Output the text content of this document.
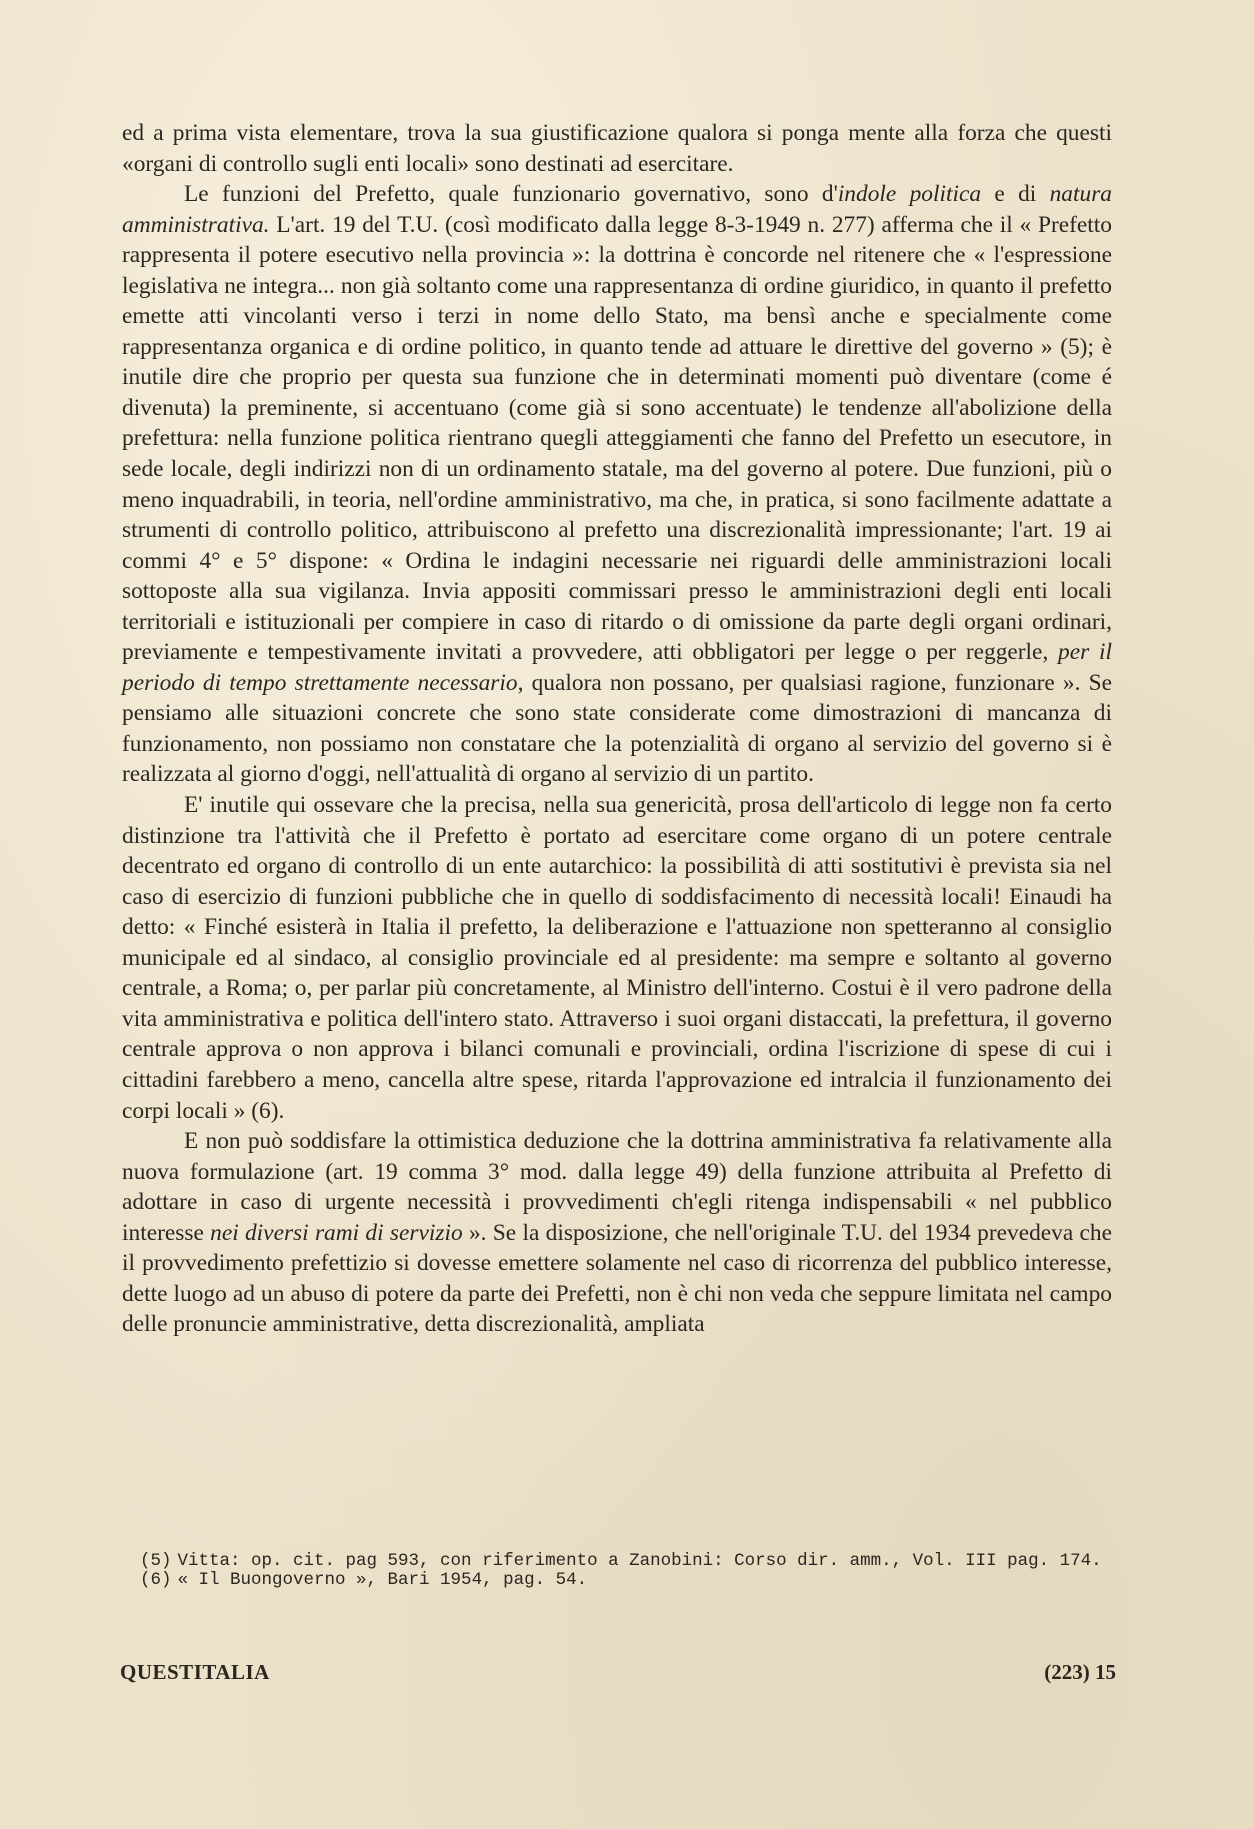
ed a prima vista elementare, trova la sua giustificazione qualora si ponga mente alla forza che questi «organi di controllo sugli enti locali» sono destinati ad esercitare.

Le funzioni del Prefetto, quale funzionario governativo, sono d'indole politica e di natura amministrativa. L'art. 19 del T.U. (così modificato dalla legge 8-3-1949 n. 277) afferma che il « Prefetto rappresenta il potere esecutivo nella provincia »: la dottrina è concorde nel ritenere che « l'espressione legislativa ne integra... non già soltanto come una rappresentanza di ordine giuridico, in quanto il prefetto emette atti vincolanti verso i terzi in nome dello Stato, ma bensì anche e specialmente come rappresentanza organica e di ordine politico, in quanto tende ad attuare le direttive del governo » (5); è inutile dire che proprio per questa sua funzione che in determinati momenti può diventare (come é divenuta) la preminente, si accentuano (come già si sono accentuate) le tendenze all'abolizione della prefettura: nella funzione politica rientrano quegli atteggiamenti che fanno del Prefetto un esecutore, in sede locale, degli indirizzi non di un ordinamento statale, ma del governo al potere. Due funzioni, più o meno inquadrabili, in teoria, nell'ordine amministrativo, ma che, in pratica, si sono facilmente adattate a strumenti di controllo politico, attribuiscono al prefetto una discrezionalità impressionante; l'art. 19 ai commi 4° e 5° dispone: « Ordina le indagini necessarie nei riguardi delle amministrazioni locali sottoposte alla sua vigilanza. Invia appositi commissari presso le amministrazioni degli enti locali territoriali e istituzionali per compiere in caso di ritardo o di omissione da parte degli organi ordinari, previamente e tempestivamente invitati a provvedere, atti obbligatori per legge o per reggerle, per il periodo di tempo strettamente necessario, qualora non possano, per qualsiasi ragione, funzionare ». Se pensiamo alle situazioni concrete che sono state considerate come dimostrazioni di mancanza di funzionamento, non possiamo non constatare che la potenzialità di organo al servizio del governo si è realizzata al giorno d'oggi, nell'attualità di organo al servizio di un partito.

E' inutile qui ossevare che la precisa, nella sua genericità, prosa dell'articolo di legge non fa certo distinzione tra l'attività che il Prefetto è portato ad esercitare come organo di un potere centrale decentrato ed organo di controllo di un ente autarchico: la possibilità di atti sostitutivi è prevista sia nel caso di esercizio di funzioni pubbliche che in quello di soddisfacimento di necessità locali! Einaudi ha detto: « Finché esisterà in Italia il prefetto, la deliberazione e l'attuazione non spetteranno al consiglio municipale ed al sindaco, al consiglio provinciale ed al presidente: ma sempre e soltanto al governo centrale, a Roma; o, per parlar più concretamente, al Ministro dell'interno. Costui è il vero padrone della vita amministrativa e politica dell'intero stato. Attraverso i suoi organi distaccati, la prefettura, il governo centrale approva o non approva i bilanci comunali e provinciali, ordina l'iscrizione di spese di cui i cittadini farebbero a meno, cancella altre spese, ritarda l'approvazione ed intralcia il funzionamento dei corpi locali » (6).

E non può soddisfare la ottimistica deduzione che la dottrina amministrativa fa relativamente alla nuova formulazione (art. 19 comma 3° mod. dalla legge 49) della funzione attribuita al Prefetto di adottare in caso di urgente necessità i provvedimenti ch'egli ritenga indispensabili « nel pubblico interesse nei diversi rami di servizio ». Se la disposizione, che nell'originale T.U. del 1934 prevedeva che il provvedimento prefettizio si dovesse emettere solamente nel caso di ricorrenza del pubblico interesse, dette luogo ad un abuso di potere da parte dei Prefetti, non è chi non veda che seppure limitata nel campo delle pronuncie amministrative, detta discrezionalità, ampliata

(5) Vitta: op. cit. pag 593, con riferimento a Zanobini: Corso dir. amm., Vol. III pag. 174.

(6) « Il Buongoverno », Bari 1954, pag. 54.

QUESTITALIA	(223) 15
